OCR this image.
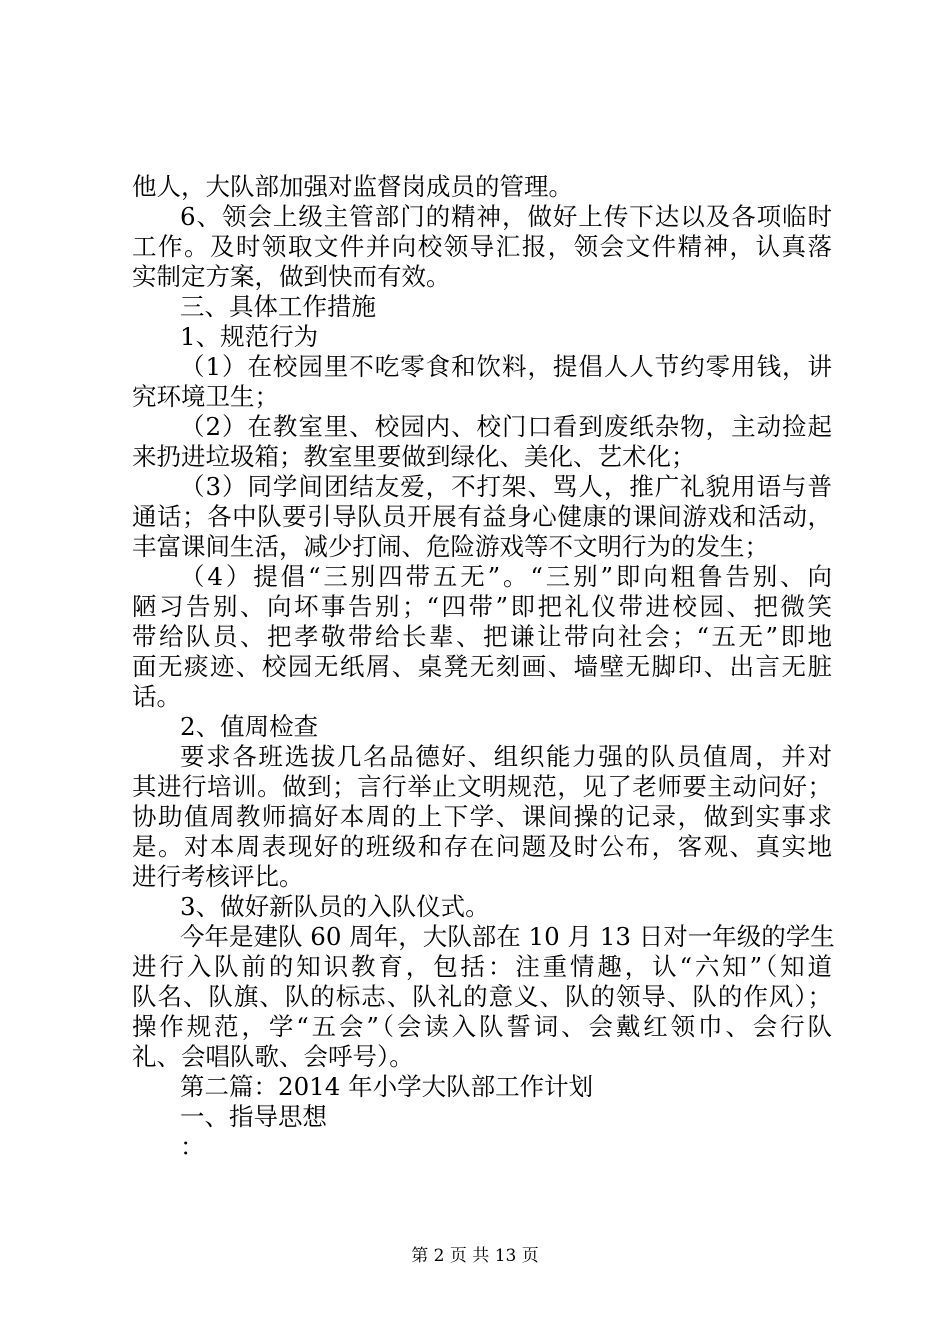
他人，大队部加强对监督岗成员的管理。
6、领会上级主管部门的精神，做好上传下达以及各项临时
工作。及时领取文件并向校领导汇报，领会文件精神，认真落
实制定方案，做到快而有效。
三、具体工作措施
1、规范行为
（1）在校园里不吃零食和饮料，提倡人人节约零用钱，讲
究环境卫生；
（2）在教室里、校园内、校门口看到废纸杂物，主动捡起
来扔进垃圾箱；教室里要做到绿化、美化、艺术化；
（3）同学间团结友爱，不打架、骂人，推广礼貌用语与普
通话；各中队要引导队员开展有益身心健康的课间游戏和活动，
丰富课间生活，减少打闹、危险游戏等不文明行为的发生；
（4）提倡“三别四带五无”。“三别”即向粗鲁告别、向
陋习告别、向坏事告别；“四带”即把礼仪带进校园、把微笑
带给队员、把孝敬带给长辈、把谦让带向社会；“五无”即地
面无痰迹、校园无纸屑、桌凳无刻画、墙壁无脚印、出言无脏
话。
2、值周检查
要求各班选拔几名品德好、组织能力强的队员值周，并对
其进行培训。做到；言行举止文明规范，见了老师要主动问好；
协助值周教师搞好本周的上下学、课间操的记录，做到实事求
是。对本周表现好的班级和存在问题及时公布，客观、真实地
进行考核评比。
3、做好新队员的入队仪式。
今年是建队 60 周年，大队部在 10 月 13 日对一年级的学生
进行入队前的知识教育，包括：注重情趣，认“六知”（知道
队名、队旗、队的标志、队礼的意义、队的领导、队的作风）；
操作规范，学“五会”（会读入队誓词、会戴红领巾、会行队
礼、会唱队歌、会呼号）。
第二篇：2014 年小学大队部工作计划
一、指导思想
：
第 2 页 共 13 页
